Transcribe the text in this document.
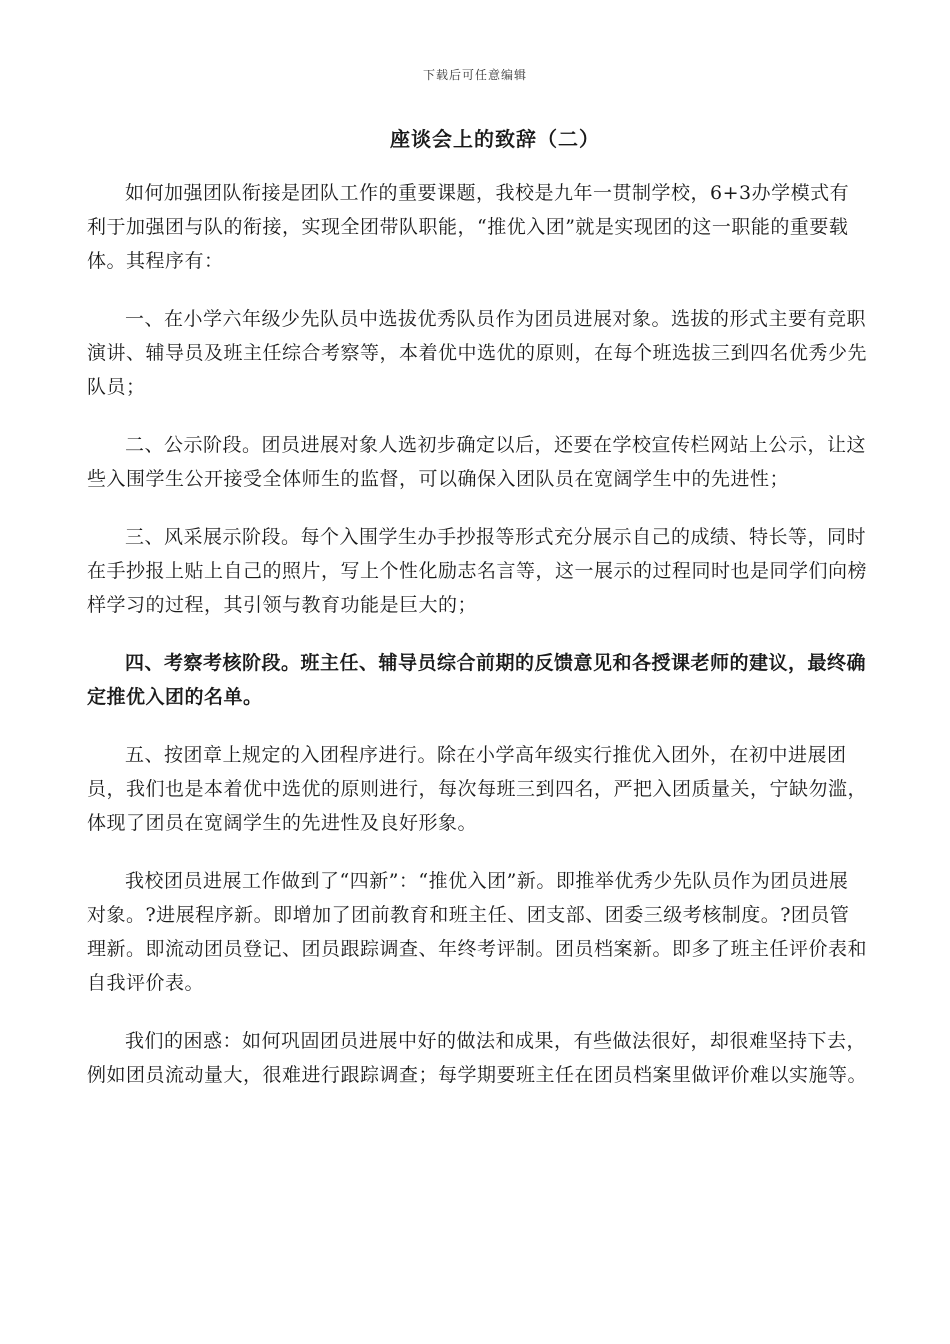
下载后可任意编辑
座谈会上的致辞（二）

如何加强团队衔接是团队工作的重要课题，我校是九年一贯制学校，6+3办学模式有利于加强团与队的衔接，实现全团带队职能，“推优入团”就是实现团的这一职能的重要载体。其程序有：

一、在小学六年级少先队员中选拔优秀队员作为团员进展对象。选拔的形式主要有竞职演讲、辅导员及班主任综合考察等，本着优中选优的原则，在每个班选拔三到四名优秀少先队员；

二、公示阶段。团员进展对象人选初步确定以后，还要在学校宣传栏网站上公示，让这些入围学生公开接受全体师生的监督，可以确保入团队员在宽阔学生中的先进性；

三、风采展示阶段。每个入围学生办手抄报等形式充分展示自己的成绩、特长等，同时在手抄报上贴上自己的照片，写上个性化励志名言等，这一展示的过程同时也是同学们向榜样学习的过程，其引领与教育功能是巨大的；

四、考察考核阶段。班主任、辅导员综合前期的反馈意见和各授课老师的建议，最终确定推优入团的名单。

五、按团章上规定的入团程序进行。除在小学高年级实行推优入团外，在初中进展团员，我们也是本着优中选优的原则进行，每次每班三到四名，严把入团质量关，宁缺勿滥，体现了团员在宽阔学生的先进性及良好形象。

我校团员进展工作做到了“四新”：“推优入团”新。即推举优秀少先队员作为团员进展对象。?进展程序新。即增加了团前教育和班主任、团支部、团委三级考核制度。?团员管理新。即流动团员登记、团员跟踪调查、年终考评制。团员档案新。即多了班主任评价表和自我评价表。

我们的困惑：如何巩固团员进展中好的做法和成果，有些做法很好，却很难坚持下去，例如团员流动量大，很难进行跟踪调查；每学期要班主任在团员档案里做评价难以实施等。
